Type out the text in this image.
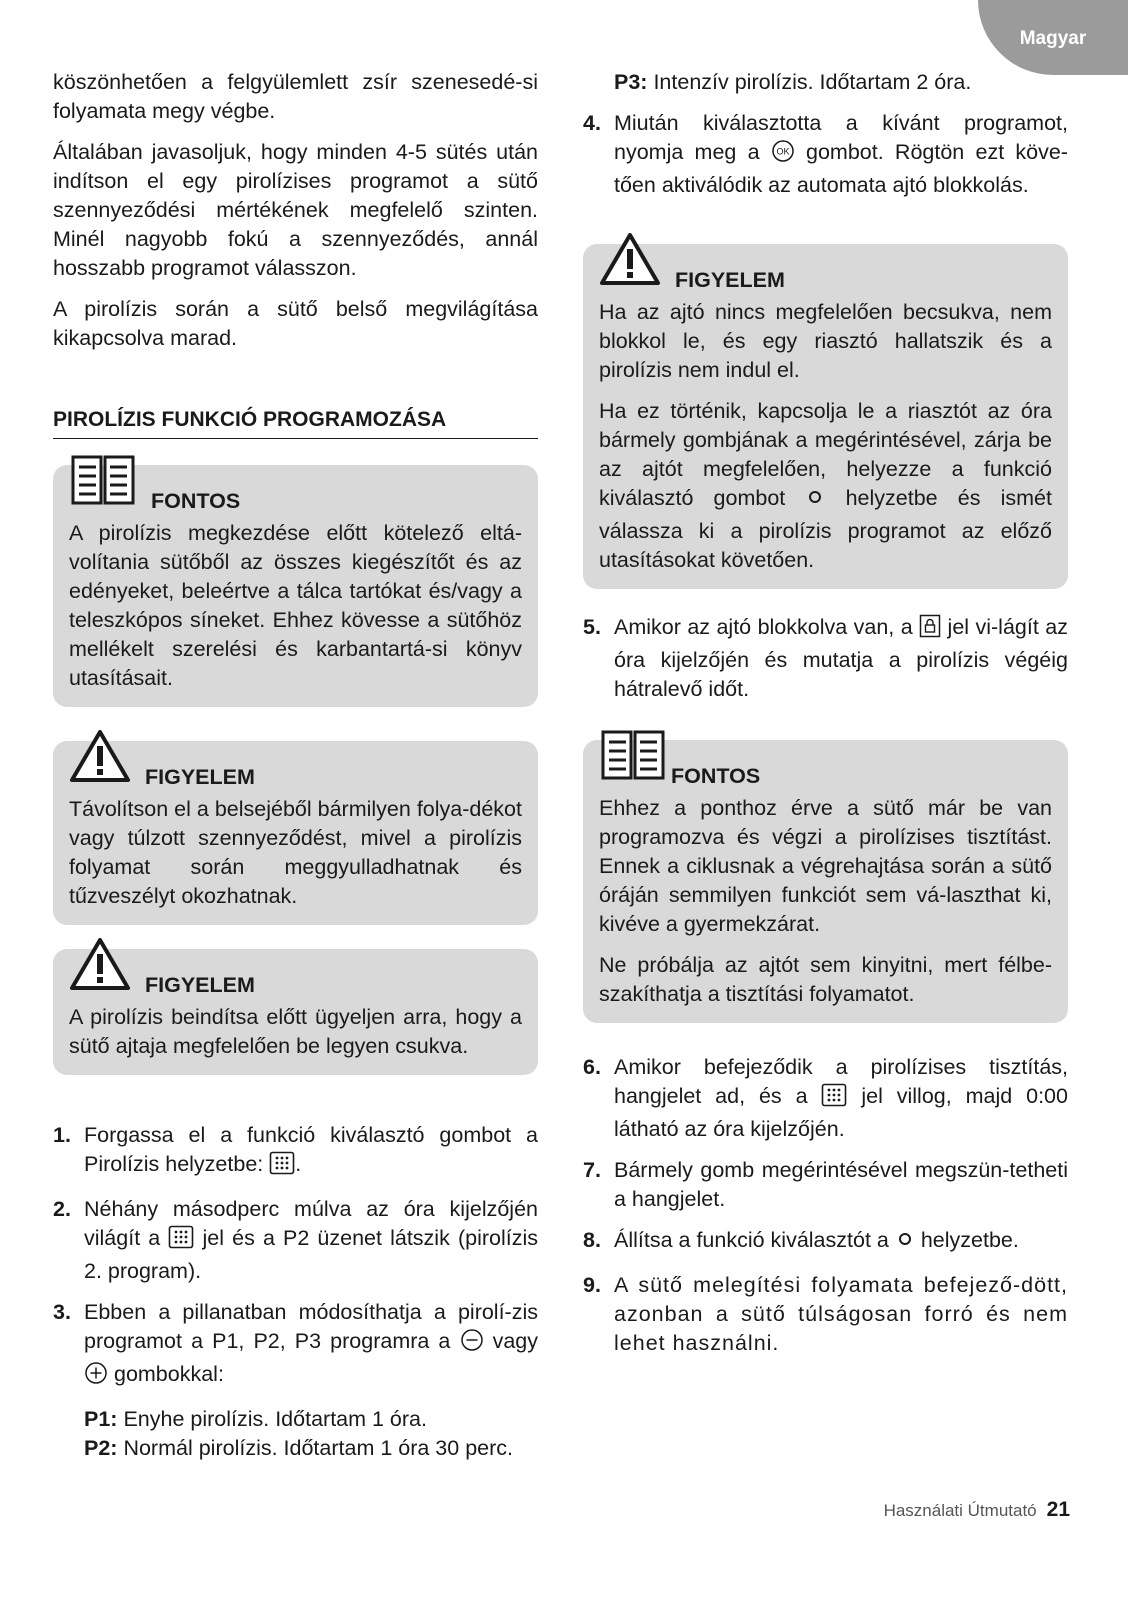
Magyar

köszönhetően a felgyülemlett zsír szenesedé-si folyamata megy végbe.

Általában javasoljuk, hogy minden 4-5 sütés után indítson el egy pirolízises programot a sütő szennyeződési mértékének megfelelő szinten. Minél nagyobb fokú a szennyeződés, annál hosszabb programot válasszon.

A pirolízis során a sütő belső megvilágítása kikapcsolva marad.

PIROLÍZIS FUNKCIÓ PROGRAMOZÁSA
FONTOS

A pirolízis megkezdése előtt kötelező eltá-volítania sütőből az összes kiegészítőt és az edényeket, beleértve a tálca tartókat és/vagy a teleszkópos síneket. Ehhez kövesse a sütőhöz mellékelt szerelési és karbantartá-si könyv utasításait.

FIGYELEM

Távolítson el a belsejéből bármilyen folya-dékot vagy túlzott szennyeződést, mivel a pirolízis folyamat során meggyulladhatnak és tűzveszélyt okozhatnak.

FIGYELEM

A pirolízis beindítsa előtt ügyeljen arra, hogy a sütő ajtaja megfelelően be legyen csukva.

1. Forgassa el a funkció kiválasztó gombot a Pirolízis helyzetbe: .
2. Néhány másodperc múlva az óra kijelzőjén világít a jel és a P2 üzenet látszik (pirolízis 2. program).
3. Ebben a pillanatban módosíthatja a pirolí-zis programot a P1, P2, P3 programra a vagy  gombokkal:
P1: Enyhe pirolízis. Időtartam 1 óra.
P2: Normál pirolízis. Időtartam 1 óra 30 perc.
P3: Intenzív pirolízis. Időtartam 2 óra.
4. Miután kiválasztotta a kívánt programot, nyomja meg a OK gombot. Rögtön ezt köve-tően aktiválódik az automata ajtó blokkolás.
FIGYELEM

Ha az ajtó nincs megfelelően becsukva, nem blokkol le, és egy riasztó hallatszik és a pirolízis nem indul el.

Ha ez történik, kapcsolja le a riasztót az óra bármely gombjának a megérintésével, zárja be az ajtót megfelelően, helyezze a funkció kiválasztó gombot	helyzetbe és ismét válassza ki a pirolízis programot az előző utasításokat követően.

5. Amikor az ajtó blokkolva van, a jel vi-lágít az óra kijelzőjén és mutatja a pirolízis végéig hátralevő időt.
FONTOS

Ehhez a ponthoz érve a sütő már be van programozva és végzi a pirolízises tisztítást. Ennek a ciklusnak a végrehajtása során a sütő óráján semmilyen funkciót sem vá-laszthat ki, kivéve a gyermekzárat.

Ne próbálja az ajtót sem kinyitni, mert félbe-szakíthatja a tisztítási folyamatot.

6. Amikor befejeződik a pirolízises tisztítás, hangjelet ad, és a	jel villog, majd 0:00 látható az óra kijelzőjén.
7. Bármely gomb megérintésével megszün-tetheti a hangjelet.
8. Állítsa a funkció kiválasztót a helyzetbe.
9. A sütő melegítési folyamata befejező-dött, azonban a sütő túlságosan forró és nem lehet használni.
Használati Útmutató 21
